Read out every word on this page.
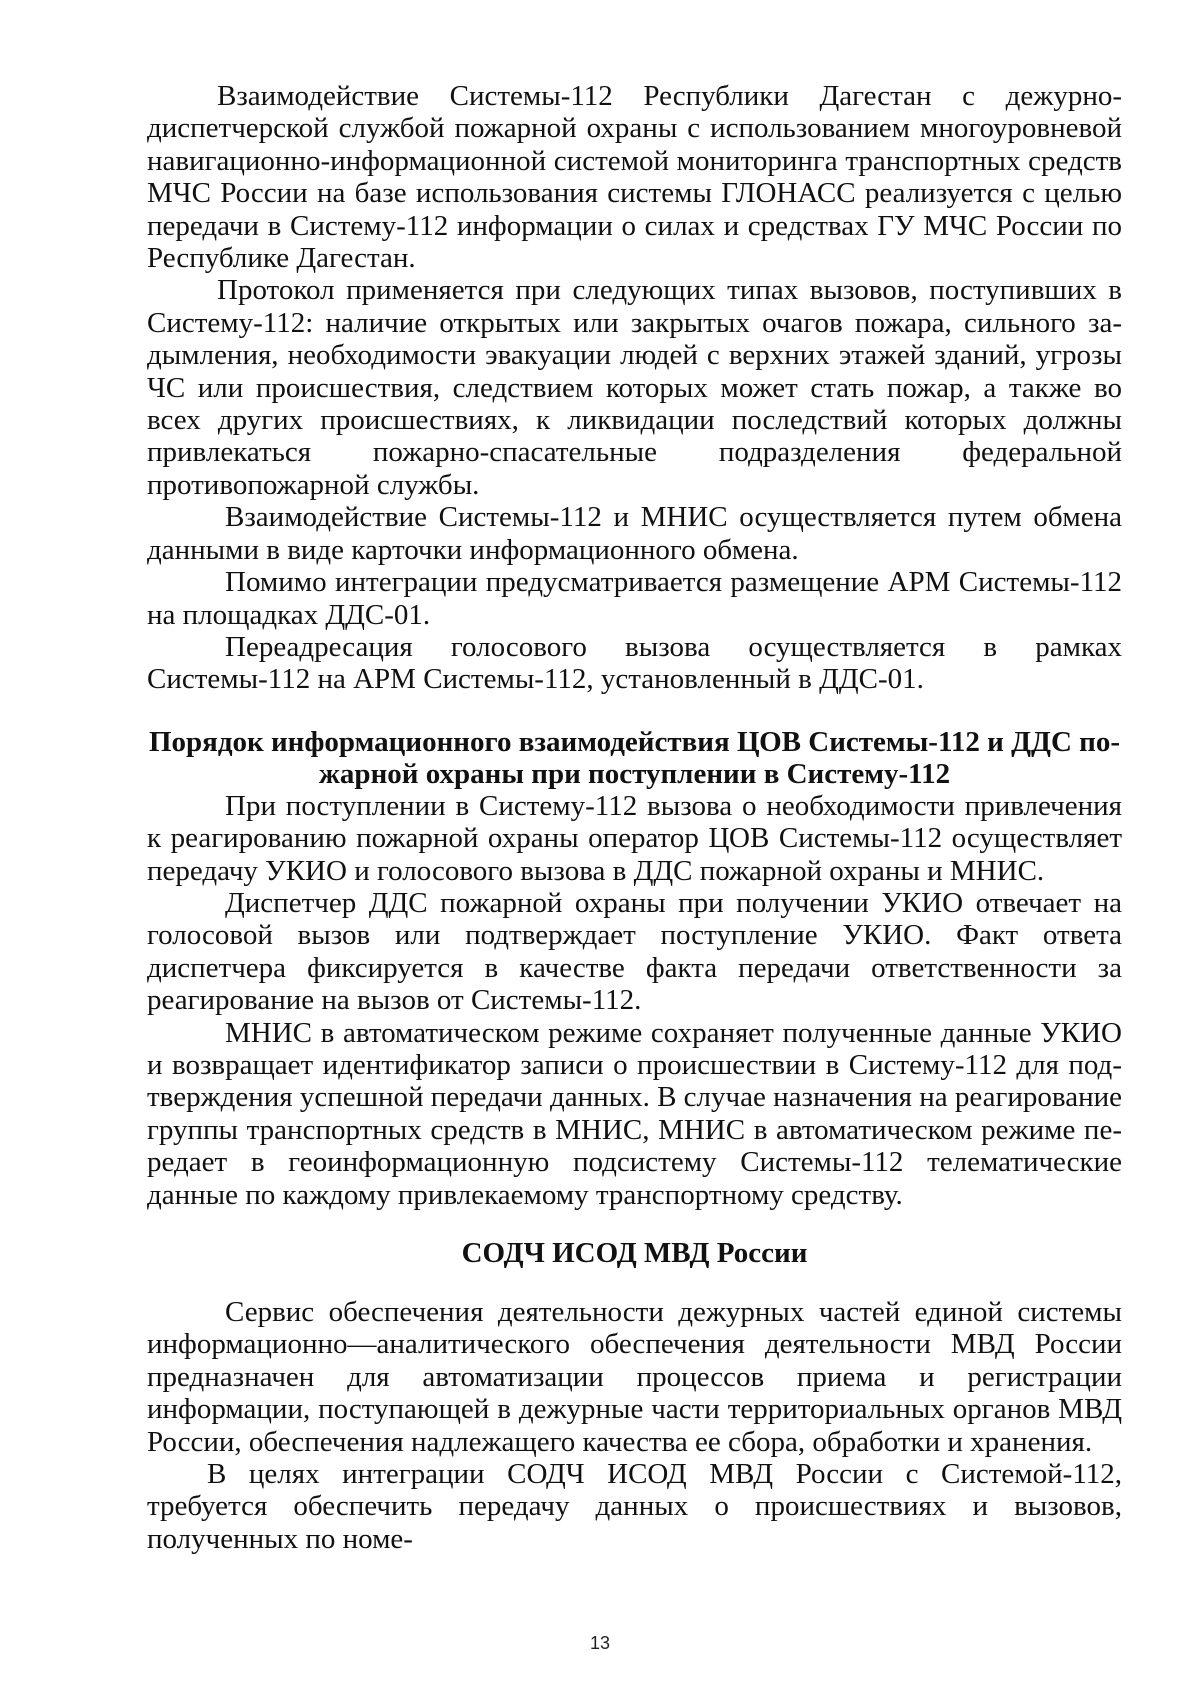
Взаимодействие Системы-112 Республики Дагестан с дежурно-диспетчерской службой пожарной охраны с использованием многоуровневой навигационно-информационной системой мониторинга транспортных средств МЧС России на базе использования системы ГЛОНАСС реализуется с целью передачи в Систему-112 информации о силах и средствах ГУ МЧС России по Республике Дагестан.

Протокол применяется при следующих типах вызовов, поступивших в Систему-112: наличие открытых или закрытых очагов пожара, сильного задымления, необходимости эвакуации людей с верхних этажей зданий, угрозы ЧС или происшествия, следствием которых может стать пожар, а также во всех других происшествиях, к ликвидации последствий которых должны привлекаться пожарно-спасательные подразделения федеральной противопожарной службы.

Взаимодействие Системы-112 и МНИС осуществляется путем обмена данными в виде карточки информационного обмена.

Помимо интеграции предусматривается размещение АРМ Системы-112 на площадках ДДС-01.

Переадресация голосового вызова осуществляется в рамках Системы-112 на АРМ Системы-112, установленный в ДДС-01.

Порядок информационного взаимодействия ЦОВ Системы-112 и ДДС пожарной охраны при поступлении в Систему-112

При поступлении в Систему-112 вызова о необходимости привлечения к реагированию пожарной охраны оператор ЦОВ Системы-112 осуществляет передачу УКИО и голосового вызова в ДДС пожарной охраны и МНИС.

Диспетчер ДДС пожарной охраны при получении УКИО отвечает на голосовой вызов или подтверждает поступление УКИО. Факт ответа диспетчера фиксируется в качестве факта передачи ответственности за реагирование на вызов от Системы-112.

МНИС в автоматическом режиме сохраняет полученные данные УКИО и возвращает идентификатор записи о происшествии в Систему-112 для подтверждения успешной передачи данных. В случае назначения на реагирование группы транспортных средств в МНИС, МНИС в автоматическом режиме передает в геоинформационную подсистему Системы-112 телематические данные по каждому привлекаемому транспортному средству.

СОДЧ ИСОД МВД России

Сервис обеспечения деятельности дежурных частей единой системы информационно—аналитического обеспечения деятельности МВД России предназначен для автоматизации процессов приема и регистрации информации, поступающей в дежурные части территориальных органов МВД России, обеспечения надлежащего качества ее сбора, обработки и хранения.

В целях интеграции СОДЧ ИСОД МВД России с Системой-112, требуется обеспечить передачу данных о происшествиях и вызовов, полученных по номе-

13
